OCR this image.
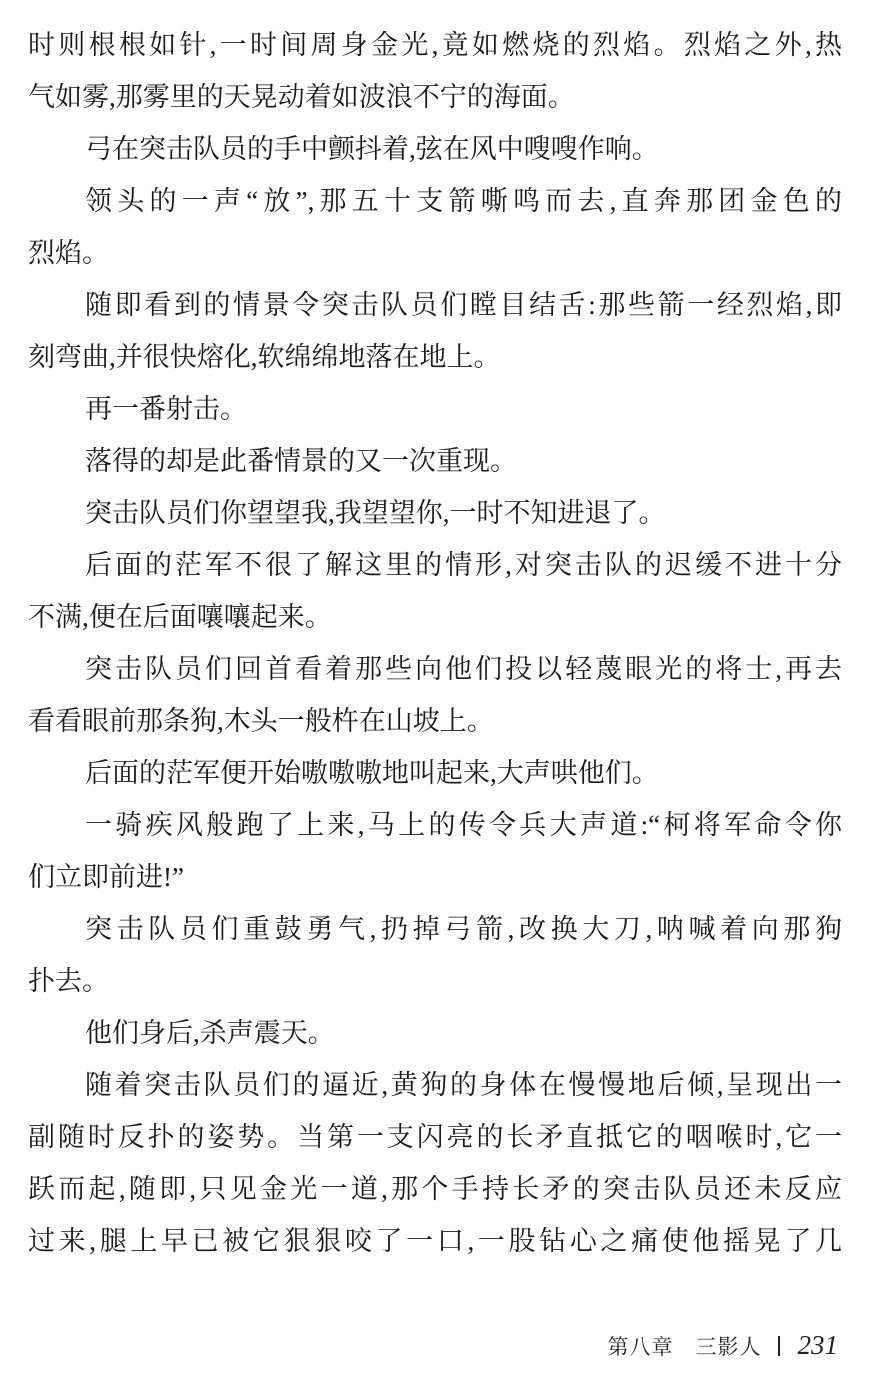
时则根根如针,一时间周身金光,竟如燃烧的烈焰。烈焰之外,热
气如雾,那雾里的天晃动着如波浪不宁的海面。
弓在突击队员的手中颤抖着,弦在风中嗖嗖作响。
领头的一声“放”,那五十支箭嘶鸣而去,直奔那团金色的
烈焰。
随即看到的情景令突击队员们瞠目结舌:那些箭一经烈焰,即
刻弯曲,并很快熔化,软绵绵地落在地上。
再一番射击。
落得的却是此番情景的又一次重现。
突击队员们你望望我,我望望你,一时不知进退了。
后面的茫军不很了解这里的情形,对突击队的迟缓不进十分
不满,便在后面嚷嚷起来。
突击队员们回首看着那些向他们投以轻蔑眼光的将士,再去
看看眼前那条狗,木头一般杵在山坡上。
后面的茫军便开始嗷嗷嗷地叫起来,大声哄他们。
一骑疾风般跑了上来,马上的传令兵大声道:“柯将军命令你
们立即前进!”
突击队员们重鼓勇气,扔掉弓箭,改换大刀,呐喊着向那狗
扑去。
他们身后,杀声震天。
随着突击队员们的逼近,黄狗的身体在慢慢地后倾,呈现出一
副随时反扑的姿势。当第一支闪亮的长矛直抵它的咽喉时,它一
跃而起,随即,只见金光一道,那个手持长矛的突击队员还未反应
过来,腿上早已被它狠狠咬了一口,一股钻心之痛使他摇晃了几
第八章　三影人 231
